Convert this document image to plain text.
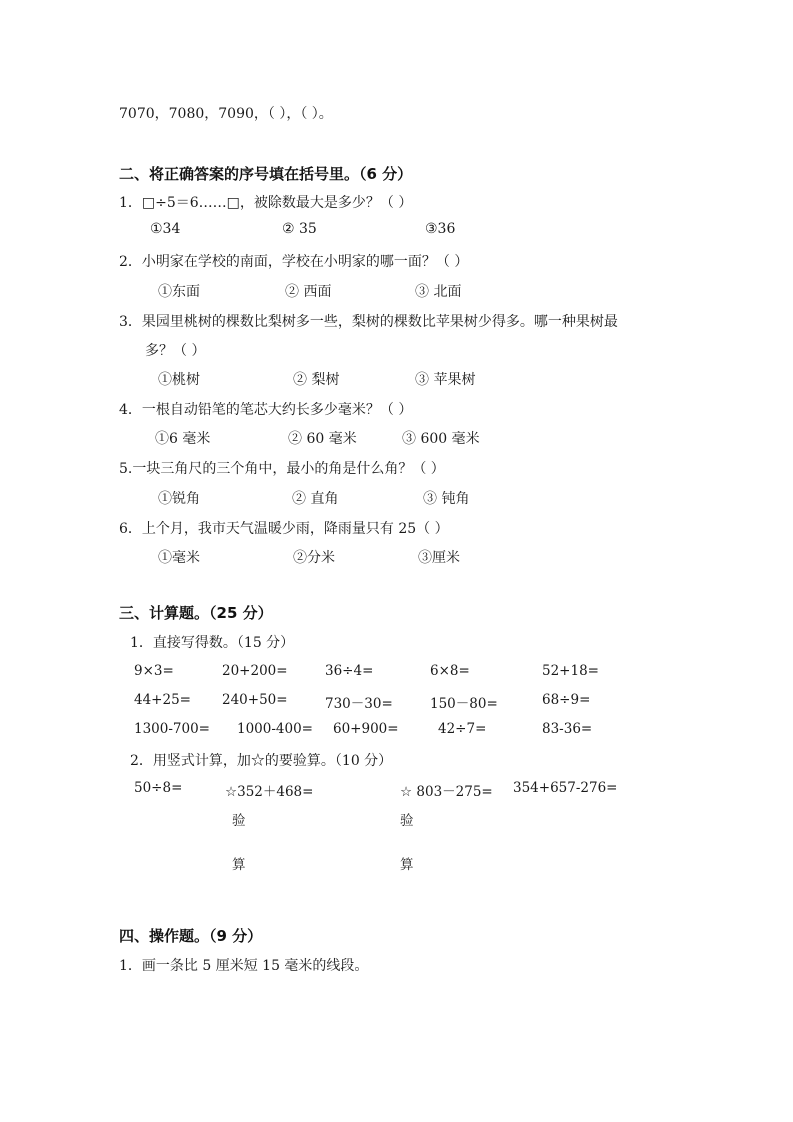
7070，7080，7090，（ ），（ ）。
二、将正确答案的序号填在括号里。（6 分）
1．□÷5＝6……□，被除数最大是多少？（ ）
①34	② 35	③36
2．小明家在学校的南面，学校在小明家的哪一面？（ ）
①东面	② 西面	③ 北面
3．果园里桃树的棵数比梨树多一些，梨树的棵数比苹果树少得多。哪一种果树最
多？（ ）
①桃树	② 梨树	③ 苹果树
4．一根自动铅笔的笔芯大约长多少毫米？（ ）
①6 毫米	② 60 毫米	③ 600 毫米
5.一块三角尺的三个角中，最小的角是什么角？（ ）
①锐角	② 直角	③ 钝角
6．上个月，我市天气温暖少雨，降雨量只有 25（ ）
①毫米	②分米	③厘米
三、计算题。（25 分）
1．直接写得数。（15 分）
9×3=	20+200=	36÷4=	6×8=	52+18=
44+25= 240+50=	730－30=	150－80=	68÷9=
1300-700= 1000-400= 60+900=	42÷7=	83-36=
2．用竖式计算，加☆的要验算。（10 分）
50÷8=	☆352＋468=	☆ 803－275= 354+657-276=
验
算
验
算
四、操作题。（9 分）
1．画一条比 5 厘米短 15 毫米的线段。
